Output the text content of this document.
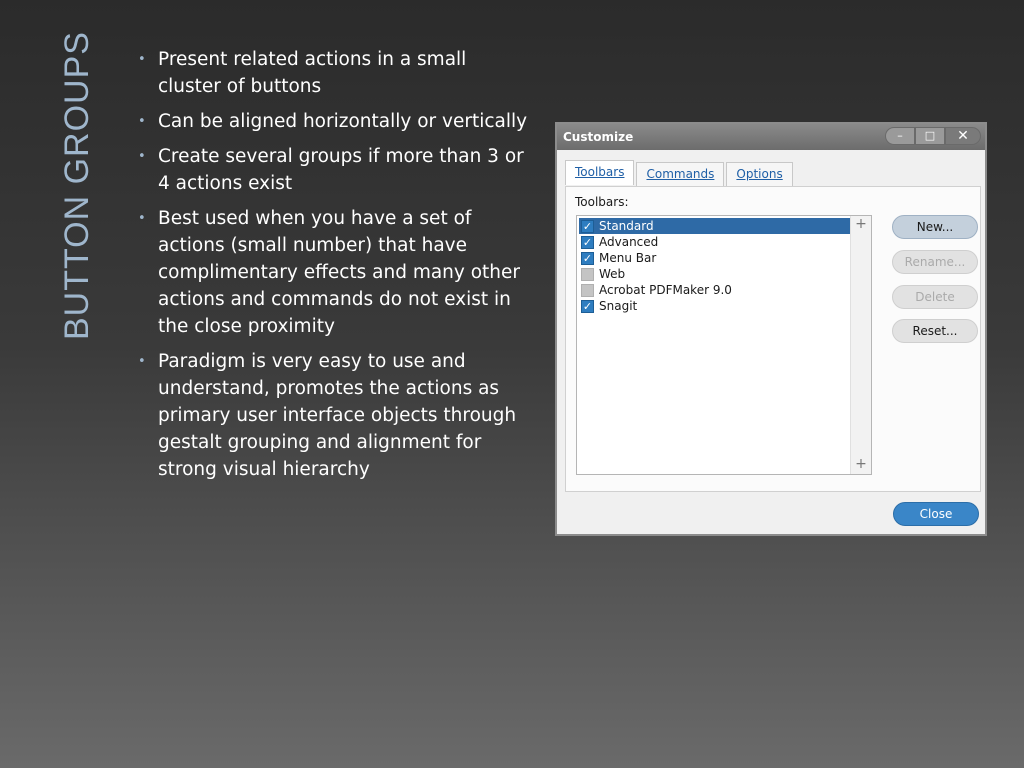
BUTTON GROUPS	• Present related actions in a small cluster of buttons
• Can be aligned horizontally or vertically
• Create several groups if more than 3 or 4 actions exist
• Best used when you have a set of actions (small number) that have complimentary effects and many other actions and commands do not exist in the close proximity
• Paradigm is very easy to use and understand, promotes the actions as primary user interface objects through gestalt grouping and alignment for strong visual hierarchy
Customize	–	□	✕
Toolbars	Commands	Options
Toolbars:
✓ Standard
✓ Advanced
✓ Menu Bar
Web
Acrobat PDFMaker 9.0
✓ Snagit
+
+
New...
Rename...
Delete
Reset...
Close
